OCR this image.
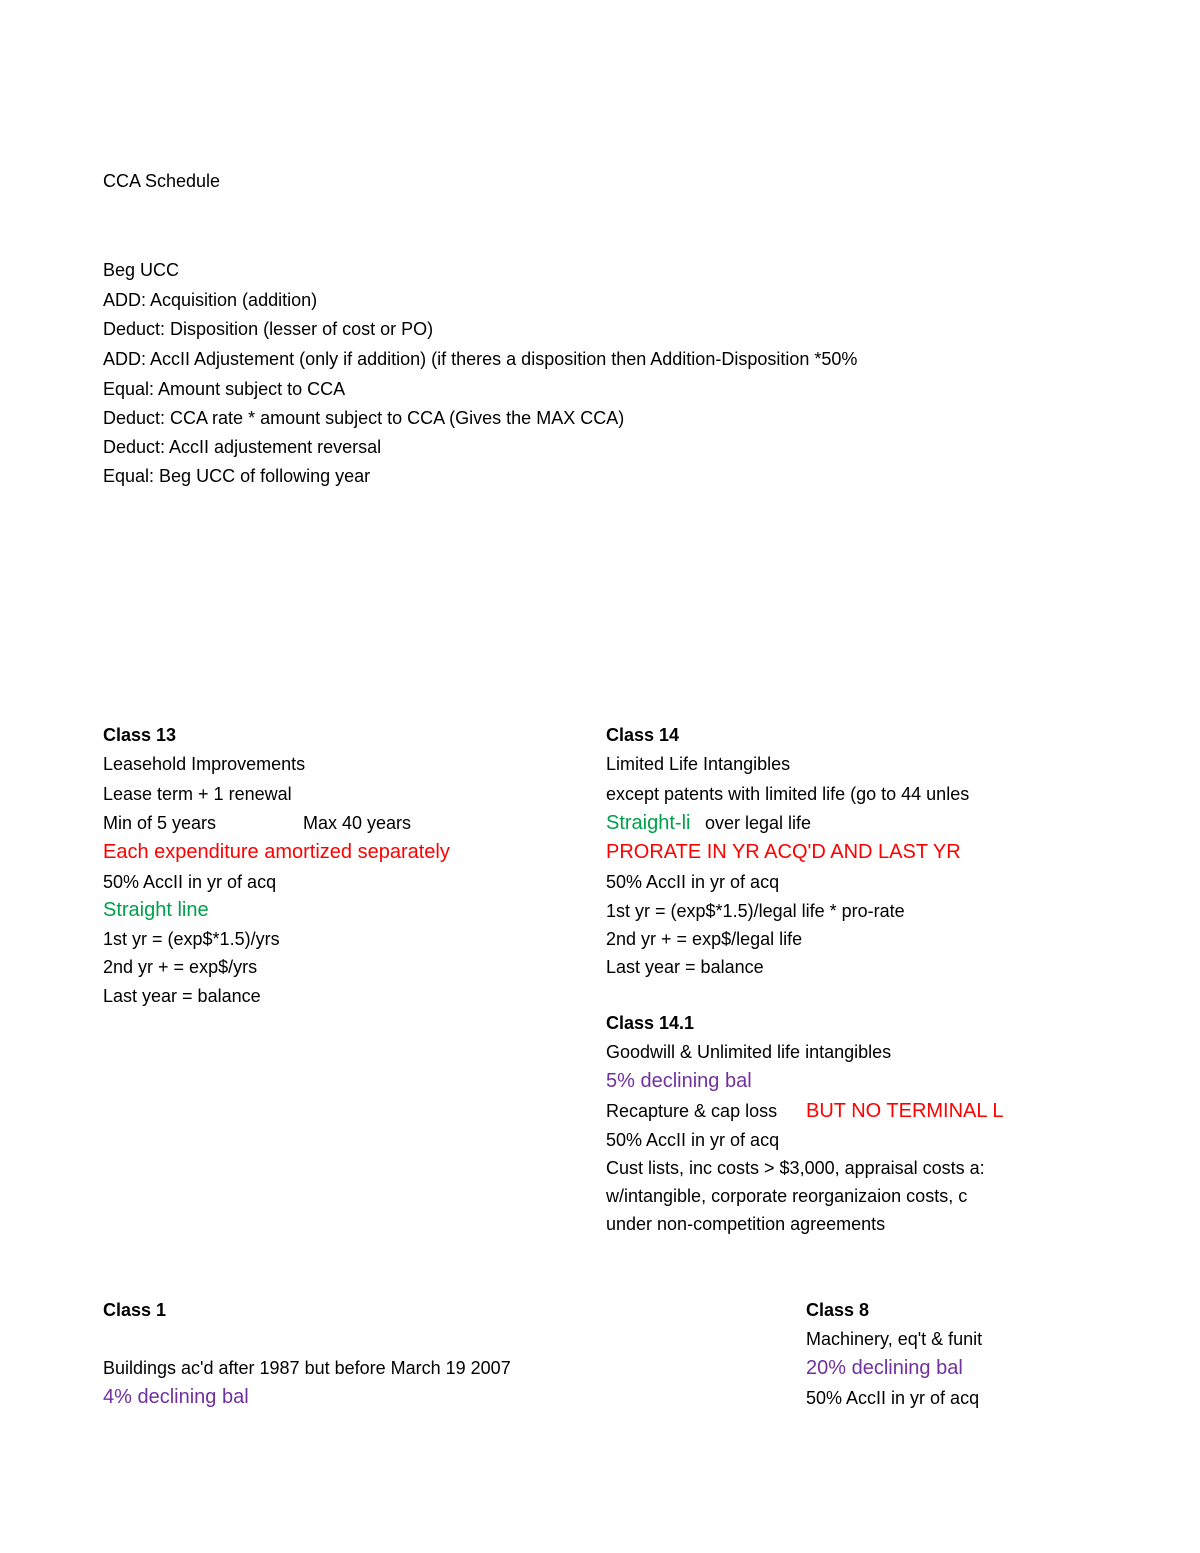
CCA Schedule
Beg UCC
ADD: Acquisition (addition)
Deduct: Disposition (lesser of cost or PO)
ADD: AccII Adjustement (only if addition) (if theres a disposition then Addition-Disposition *50%
Equal: Amount subject to CCA
Deduct: CCA rate * amount subject to CCA (Gives the MAX CCA)
Deduct: AccII adjustement reversal
Equal: Beg UCC of following year
Class 13
Leasehold Improvements
Lease term + 1 renewal
Min of 5 years	Max 40 years
Each expenditure amortized separately
50% AccII in yr of acq
Straight line
1st yr = (exp$*1.5)/yrs
2nd yr + = exp$/yrs
Last year = balance
Class 14
Limited Life Intangibles
except patents with limited life (go to 44 unles
Straight-li over legal life
PRORATE IN YR ACQ'D AND LAST YR
50% AccII in yr of acq
1st yr = (exp$*1.5)/legal life * pro-rate
2nd yr + = exp$/legal life
Last year = balance
Class 14.1
Goodwill & Unlimited life intangibles
5% declining bal
Recapture & cap loss BUT NO TERMINAL L
50% AccII in yr of acq
Cust lists, inc costs > $3,000, appraisal costs a:
w/intangible, corporate reorganizaion costs, c
under non-competition agreements
Class 1
Buildings ac'd after 1987 but before March 19 2007
4% declining bal
Class 8
Machinery, eq't & funit
20% declining bal
50% AccII in yr of acq
